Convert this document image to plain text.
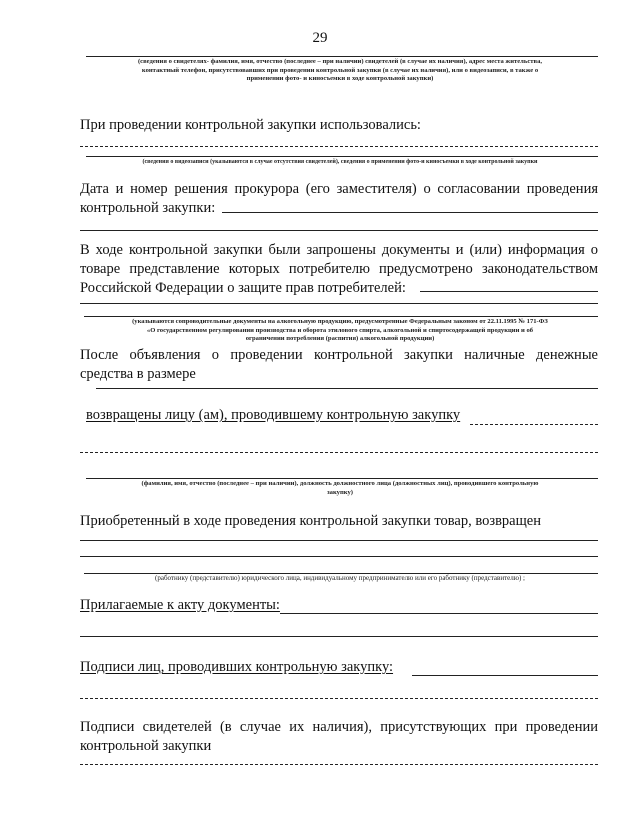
29
(сведения о свидетелях- фамилия, имя, отчество (последнее – при наличии) свидетелей (в случае их наличия), адрес места жительства,
контактный телефон, присутствовавших при проведении контрольной закупки (в случае их наличия), или о видеозаписи, в также о
применении фото- и киносъемки в ходе контрольной закупки)
При проведении контрольной закупки использовались:
(сведения о видеозаписи (указываются в случае отсутствия свидетелей), сведения о применении фото-и киносъемки в ходе контрольной закупки
Дата и номер решения прокурора (его заместителя) о согласовании проведения
контрольной закупки:
В ходе контрольной закупки были запрошены документы и (или) информация о
товаре представление которых потребителю предусмотрено законодательством
Российской Федерации о защите прав потребителей:
(указываются сопроводительные документы на алкогольную продукцию, предусмотренные Федеральным законом от 22.11.1995 № 171-ФЗ
«О государственном регулировании производства и оборота этилового спирта, алкогольной и спиртосодержащей продукции и об
ограничении потребления (распития) алкогольной продукции)
После объявления о проведении контрольной закупки наличные денежные
средства в размере
возвращены лицу (ам), проводившему контрольную закупку
(фамилия, имя, отчество (последнее – при наличии), должность должностного лица (должностных лиц), проводившего контрольную
закупку)
Приобретенный в ходе проведения контрольной закупки товар, возвращен
(работнику (представителю) юридического лица, индивидуальному предпринимателю или его работнику (представителю) ;
Прилагаемые к акту документы:
Подписи лиц, проводивших контрольную закупку:
Подписи свидетелей (в случае их наличия), присутствующих при проведении
контрольной закупки
